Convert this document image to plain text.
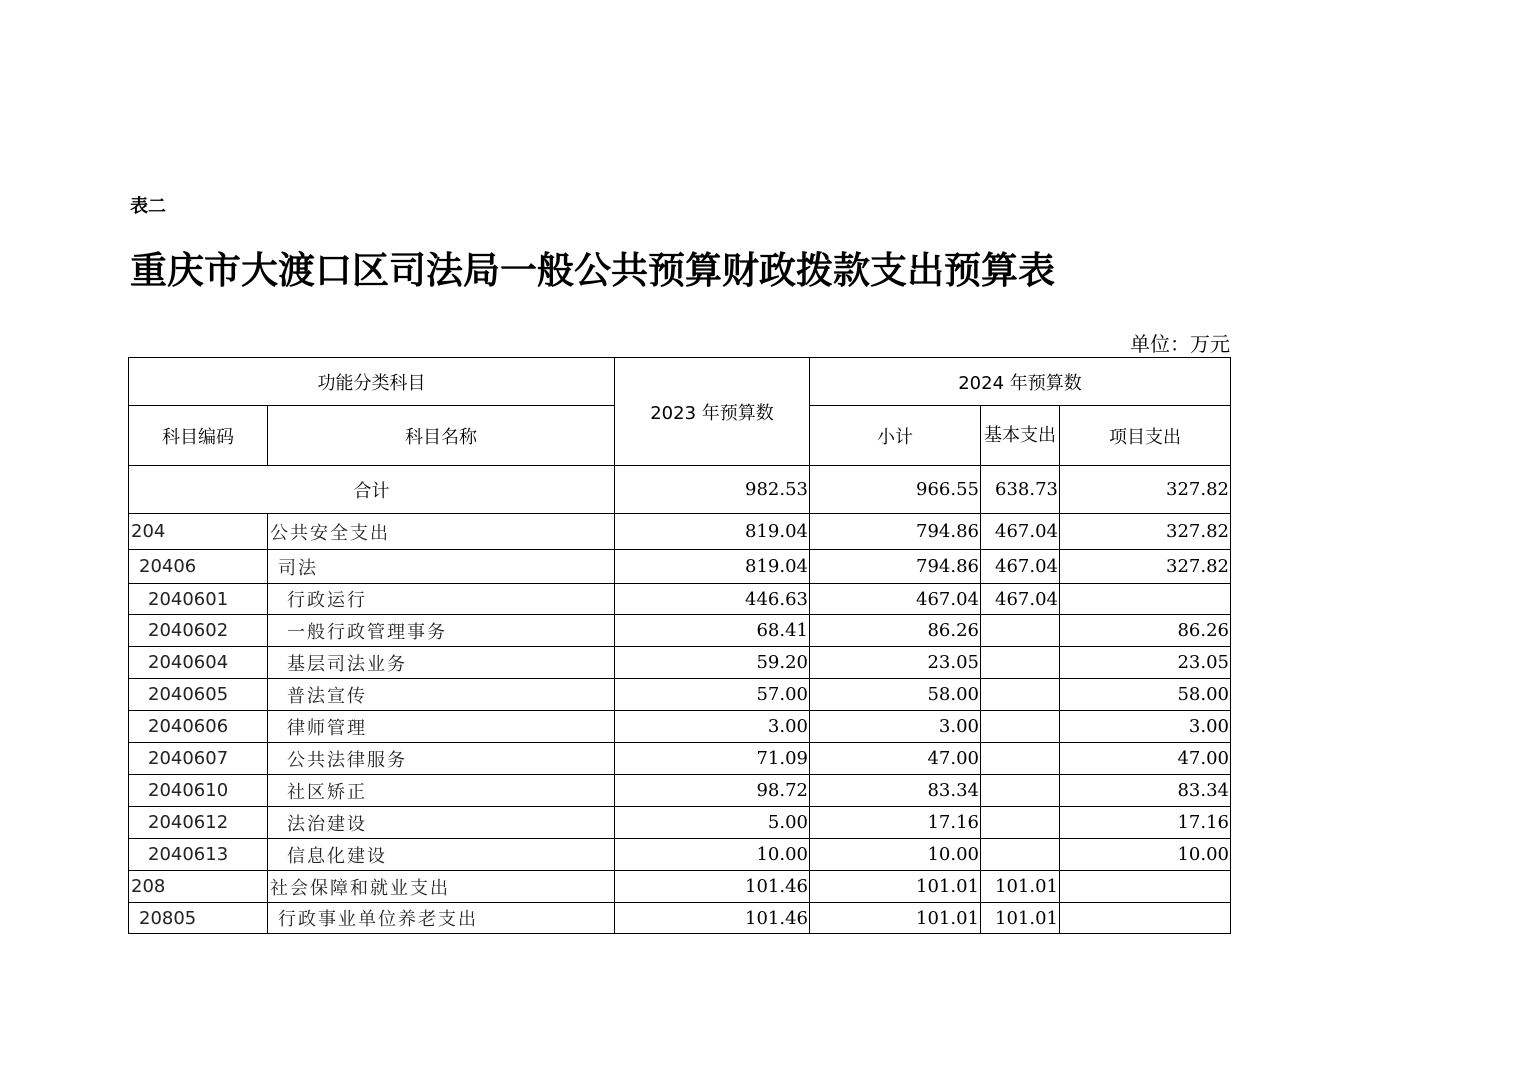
表二
重庆市大渡口区司法局一般公共预算财政拨款支出预算表
单位：万元
功能分类科目		2023 年预算数	2024 年预算数		
科目编码	科目名称		小计	基本支出	项目支出
合计		982.53	966.55	638.73	327.82
204	公共安全支出	819.04	794.86	467.04	327.82
20406	司法	819.04	794.86	467.04	327.82
2040601	行政运行	446.63	467.04	467.04	
2040602	一般行政管理事务	68.41	86.26		86.26
2040604	基层司法业务	59.20	23.05		23.05
2040605	普法宣传	57.00	58.00		58.00
2040606	律师管理	3.00	3.00		3.00
2040607	公共法律服务	71.09	47.00		47.00
2040610	社区矫正	98.72	83.34		83.34
2040612	法治建设	5.00	17.16		17.16
2040613	信息化建设	10.00	10.00		10.00
208	社会保障和就业支出	101.46	101.01	101.01	
20805	行政事业单位养老支出	101.46	101.01	101.01	
